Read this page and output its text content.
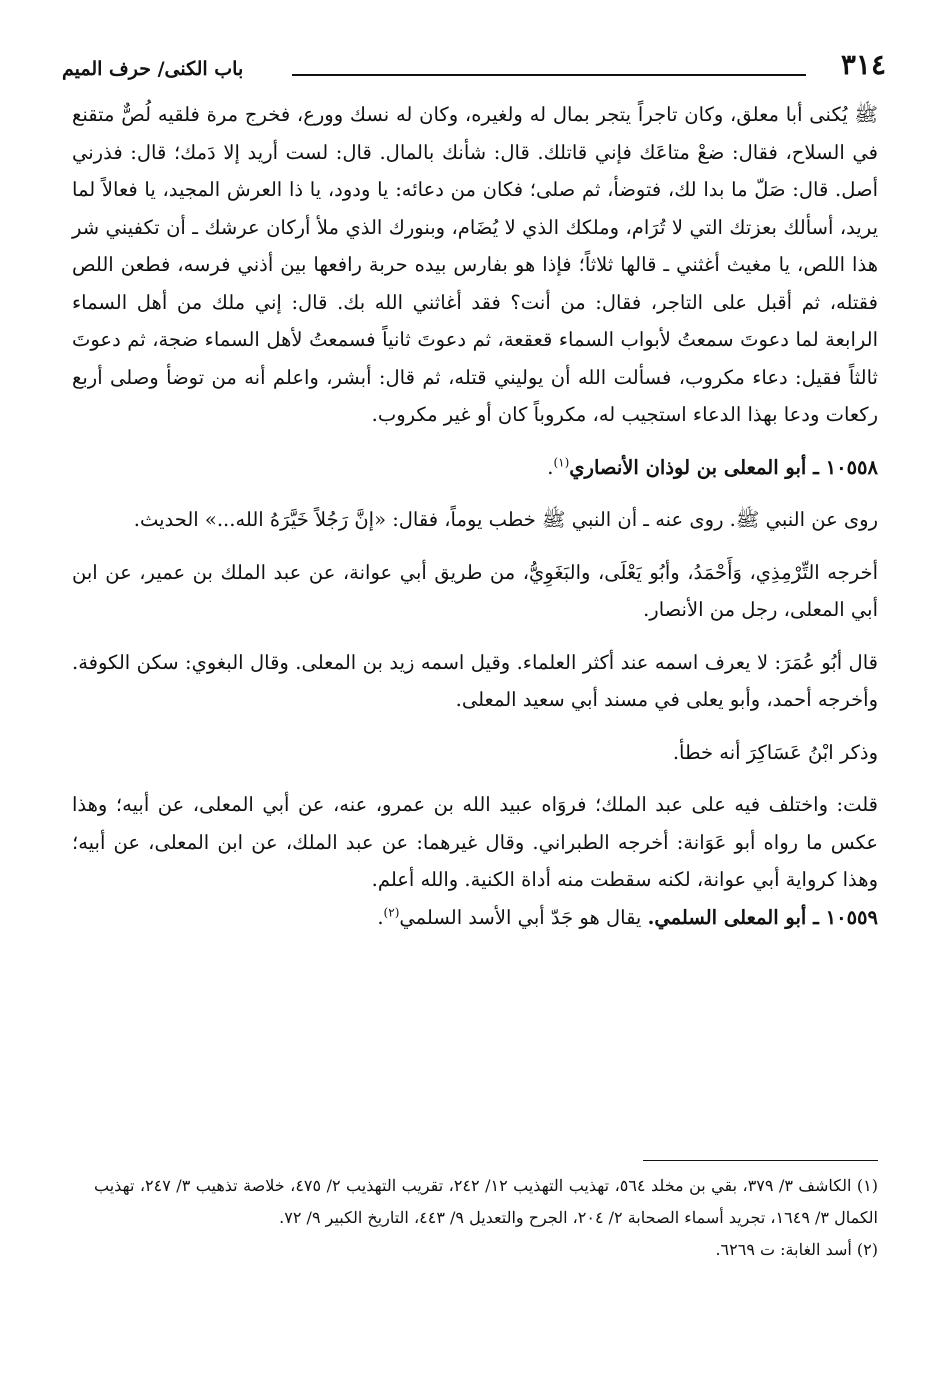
٣١٤
باب الكنى/ حرف الميم

ﷺ يُكنى أبا معلق، وكان تاجراً يتجر بمال له ولغيره، وكان له نسك وورع، فخرج مرة فلقيه لُصٌّ متقنع في السلاح، فقال: ضعْ متاعَك فإني قاتلك. قال: شأنك بالمال. قال: لست أريد إلا دَمك؛ قال: فذرني أصل. قال: صَلّ ما بدا لك، فتوضأ، ثم صلى؛ فكان من دعائه: يا ودود، يا ذا العرش المجيد، يا فعالاً لما يريد، أسألك بعزتك التي لا تُرَام، وملكك الذي لا يُضَام، وبنورك الذي ملأ أركان عرشك ـ أن تكفيني شر هذا اللص، يا مغيث أغثني ـ قالها ثلاثاً؛ فإذا هو بفارس بيده حربة رافعها بين أذني فرسه، فطعن اللص فقتله، ثم أقبل على التاجر، فقال: من أنت؟ فقد أغاثني الله بك. قال: إني ملك من أهل السماء الرابعة لما دعوتَ سمعتُ لأبواب السماء قعقعة، ثم دعوتَ ثانياً فسمعتُ لأهل السماء ضجة، ثم دعوتَ ثالثاً فقيل: دعاء مكروب، فسألت الله أن يوليني قتله، ثم قال: أبشر، واعلم أنه من توضأ وصلى أربع ركعات ودعا بهذا الدعاء استجيب له، مكروباً كان أو غير مكروب.

١٠٥٥٨ ـ أبو المعلى بن لوذان الأنصاري$^{(١)}$.

روى عن النبي ﷺ. روى عنه ـ أن النبي ﷺ خطب يوماً، فقال: «إنَّ رَجُلاً خَيَّرَهُ الله...» الحديث.

أخرجه التِّرْمِذِي، وَأَحْمَدُ، وأبُو يَعْلَى، والبَغَوِيُّ، من طريق أبي عوانة، عن عبد الملك بن عمير، عن ابن أبي المعلى، رجل من الأنصار.

قال أبُو عُمَرَ: لا يعرف اسمه عند أكثر العلماء. وقيل اسمه زيد بن المعلى. وقال البغوي: سكن الكوفة. وأخرجه أحمد، وأبو يعلى في مسند أبي سعيد المعلى.

وذكر ابْنُ عَسَاكِرَ أنه خطأ.

قلت: واختلف فيه على عبد الملك؛ فروَاه عبيد الله بن عمرو، عنه، عن أبي المعلى، عن أبيه؛ وهذا عكس ما رواه أبو عَوَانة: أخرجه الطبراني. وقال غيرهما: عن عبد الملك، عن ابن المعلى، عن أبيه؛ وهذا كرواية أبي عوانة، لكنه سقطت منه أداة الكنية. والله أعلم.

١٠٥٥٩ ـ أبو المعلى السلمي. يقال هو جَدّ أبي الأسد السلمي$^{(٢)}$.

(١) الكاشف ٣/ ٣٧٩، بقي بن مخلد ٥٦٤، تهذيب التهذيب ١٢/ ٢٤٢، تقريب التهذيب ٢/ ٤٧٥، خلاصة تذهيب ٣/ ٢٤٧، تهذيب الكمال ٣/ ١٦٤٩، تجريد أسماء الصحابة ٢/ ٢٠٤، الجرح والتعديل ٩/ ٤٤٣، التاريخ الكبير ٩/ ٧٢.

(٢) أسد الغابة: ت ٦٢٦٩.
